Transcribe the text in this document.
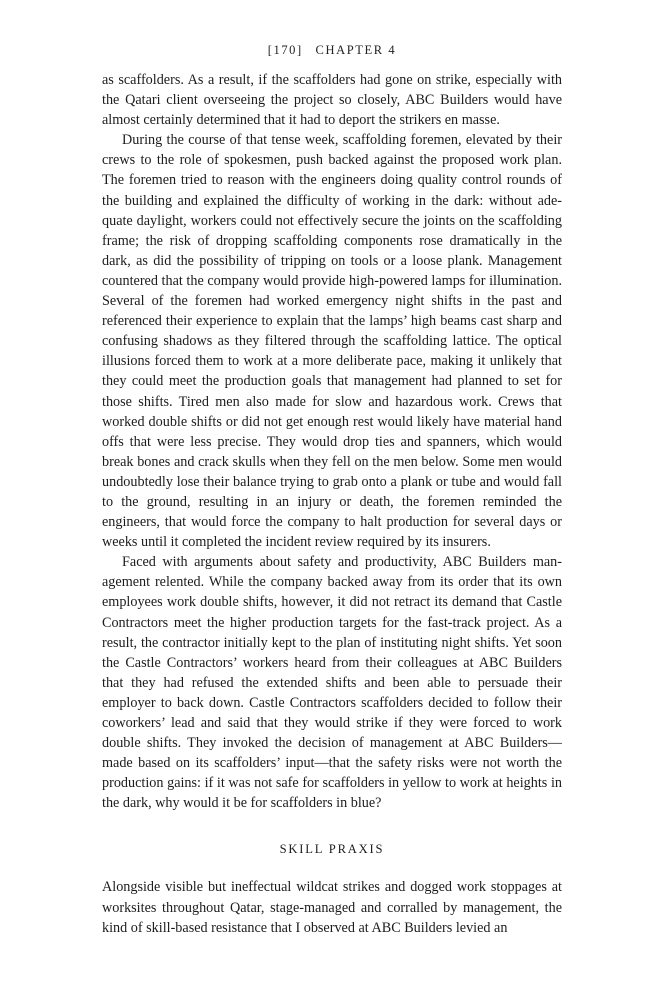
[170] CHAPTER 4

as scaffolders. As a result, if the scaffolders had gone on strike, especially with the Qatari client overseeing the project so closely, ABC Builders would have almost certainly determined that it had to deport the strikers en masse.

During the course of that tense week, scaffolding foremen, elevated by their crews to the role of spokesmen, push backed against the proposed work plan. The foremen tried to reason with the engineers doing quality control rounds of the building and explained the difficulty of working in the dark: without adequate daylight, workers could not effectively secure the joints on the scaffolding frame; the risk of dropping scaffolding components rose dramatically in the dark, as did the possibility of tripping on tools or a loose plank. Management countered that the company would provide high-powered lamps for illumination. Several of the foremen had worked emergency night shifts in the past and referenced their experience to explain that the lamps’ high beams cast sharp and confusing shadows as they filtered through the scaffolding lattice. The optical illusions forced them to work at a more deliberate pace, making it unlikely that they could meet the production goals that management had planned to set for those shifts. Tired men also made for slow and hazardous work. Crews that worked double shifts or did not get enough rest would likely have material hand offs that were less precise. They would drop ties and spanners, which would break bones and crack skulls when they fell on the men below. Some men would undoubtedly lose their balance trying to grab onto a plank or tube and would fall to the ground, resulting in an injury or death, the foremen reminded the engineers, that would force the company to halt production for several days or weeks until it completed the incident review required by its insurers.

Faced with arguments about safety and productivity, ABC Builders management relented. While the company backed away from its order that its own employees work double shifts, however, it did not retract its demand that Castle Contractors meet the higher production targets for the fast-track project. As a result, the contractor initially kept to the plan of instituting night shifts. Yet soon the Castle Contractors’ workers heard from their colleagues at ABC Builders that they had refused the extended shifts and been able to persuade their employer to back down. Castle Contractors scaffolders decided to follow their coworkers’ lead and said that they would strike if they were forced to work double shifts. They invoked the decision of management at ABC Builders—made based on its scaffolders’ input—that the safety risks were not worth the production gains: if it was not safe for scaffolders in yellow to work at heights in the dark, why would it be for scaffolders in blue?

SKILL PRAXIS

Alongside visible but ineffectual wildcat strikes and dogged work stoppages at worksites throughout Qatar, stage-managed and corralled by management, the kind of skill-based resistance that I observed at ABC Builders levied an
